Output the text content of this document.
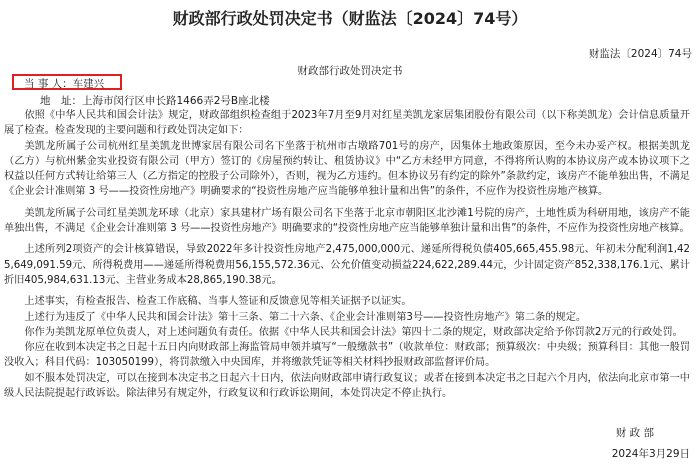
财政部行政处罚决定书（财监法〔2024〕74号）
财监法〔2024〕74号
财政部行政处罚决定书
当 事 人：车建兴
地　址：上海市闵行区申长路1466弄2号B座北楼

依照《中华人民共和国会计法》规定，财政部组织检查组于2023年7月至9月对红星美凯龙家居集团股份有限公司（以下称美凯龙）会计信息质量开展了检查。检查发现的主要问题和行政处罚决定如下：

美凯龙所属子公司杭州红星美凯龙世博家居有限公司名下坐落于杭州市古墩路701号的房产，因集体土地政策原因，至今未办妥产权。根据美凯龙（乙方）与杭州紫金实业投资有限公司（甲方）签订的《房屋预约转让、租赁协议》中“乙方未经甲方同意，不得将所认购的本协议房产或本协议项下之权益以任何方式转让给第三人（乙方指定的控股子公司除外），否则，视为乙方违约。但本协议另有约定的除外”条款约定，该房产不能单独出售，不满足《企业会计准则第 3 号——投资性房地产》明确要求的“投资性房地产应当能够单独计量和出售”的条件，不应作为投资性房地产核算。

美凯龙所属子公司红星美凯龙环球（北京）家具建材广场有限公司名下坐落于北京市朝阳区北沙滩1号院的房产，土地性质为科研用地，该房产不能单独出售，不满足《企业会计准则第 3 号——投资性房地产》明确要求的“投资性房地产应当能够单独计量和出售”的条件，不应作为投资性房地产核算。

上述所列2项资产的会计核算错误，导致2022年多计投资性房地产2,475,000,000元、递延所得税负债405,665,455.98元、年初未分配利润1,425,649,091.59元、所得税费用——递延所得税费用56,155,572.36元、公允价值变动损益224,622,289.44元，少计固定资产852,338,176.1元、累计折旧405,984,631.13元、主营业务成本28,865,190.38元。

上述事实，有检查报告、检查工作底稿、当事人签证和反馈意见等相关证据予以证实。

上述行为违反了《中华人民共和国会计法》第十三条、第二十六条、《企业会计准则第3号——投资性房地产》第二条的规定。

你作为美凯龙原单位负责人，对上述问题负有责任。依据《中华人民共和国会计法》第四十二条的规定，财政部决定给予你罚款2万元的行政处罚。

你应在收到本决定书之日起十五日内向财政部上海监管局申领并填写“一般缴款书”（收款单位：财政部；预算级次：中央级；预算科目：其他一般罚没收入；科目代码：103050199），将罚款缴入中央国库，并将缴款凭证等相关材料抄报财政部监督评价局。

如不服本处罚决定，可以在接到本决定书之日起六十日内，依法向财政部申请行政复议；或者在接到本决定书之日起六个月内，依法向北京市第一中级人民法院提起行政诉讼。除法律另有规定外，行政复议和行政诉讼期间，本处罚决定不停止执行。

财 政 部
2024年3月29日
